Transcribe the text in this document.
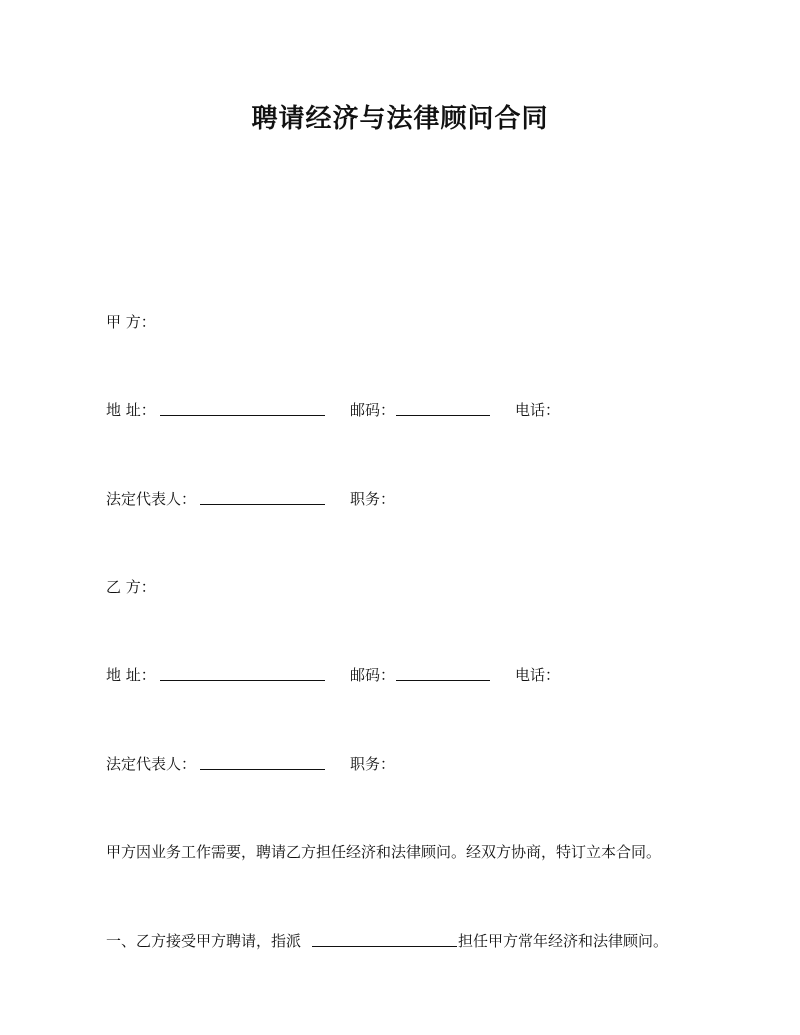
聘请经济与法律顾问合同
甲 方：
地 址：	邮码：	电话：
法定代表人：	职务：
乙 方：
地 址：	邮码：	电话：
法定代表人：	职务：
甲方因业务工作需要，聘请乙方担任经济和法律顾问。经双方协商，特订立本合同。
一、乙方接受甲方聘请，指派	担任甲方常年经济和法律顾问。
